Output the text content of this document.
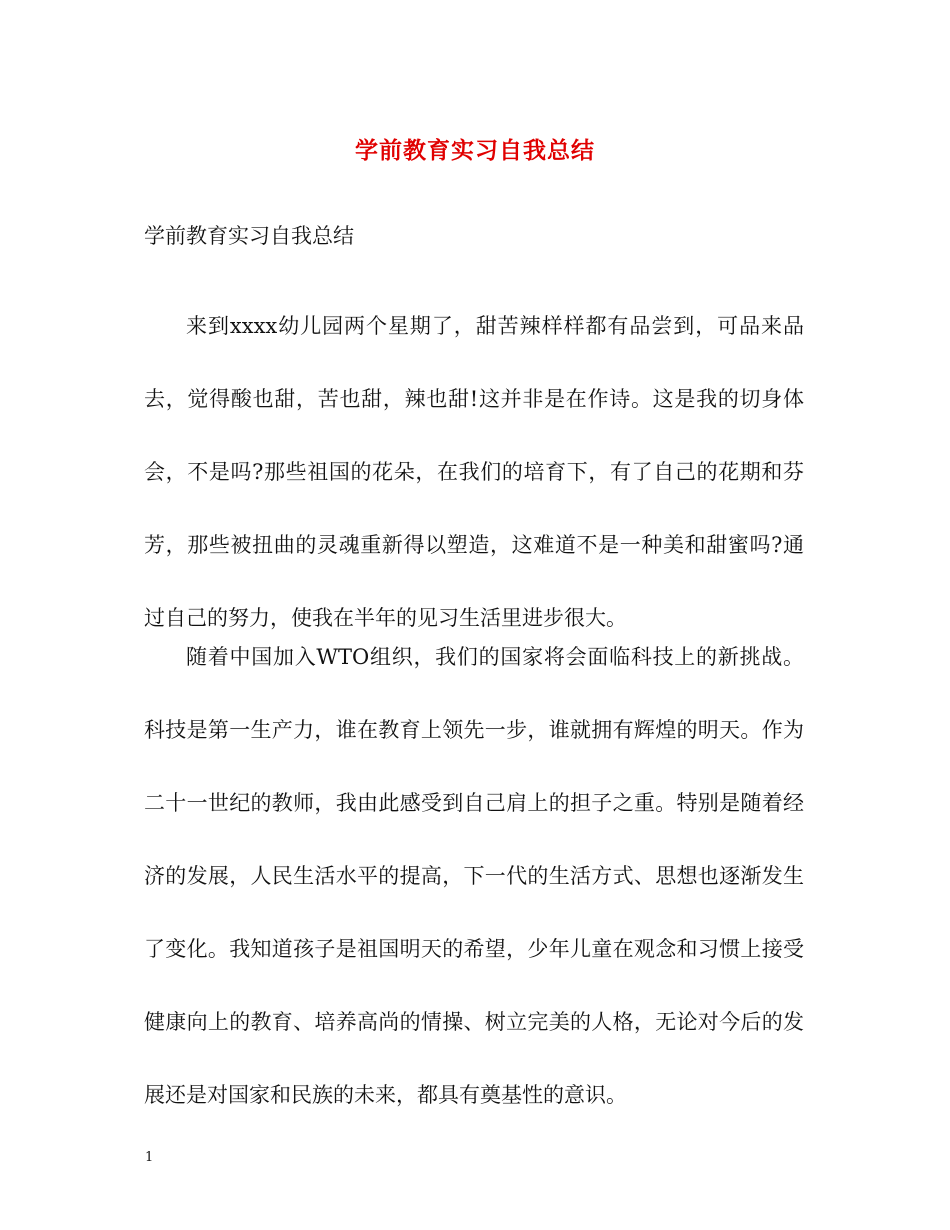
学前教育实习自我总结
学前教育实习自我总结

来到xxxx幼儿园两个星期了，甜苦辣样样都有品尝到，可品来品去，觉得酸也甜，苦也甜，辣也甜!这并非是在作诗。这是我的切身体会，不是吗?那些祖国的花朵，在我们的培育下，有了自己的花期和芬芳，那些被扭曲的灵魂重新得以塑造，这难道不是一种美和甜蜜吗?通过自己的努力，使我在半年的见习生活里进步很大。

随着中国加入WTO组织，我们的国家将会面临科技上的新挑战。科技是第一生产力，谁在教育上领先一步，谁就拥有辉煌的明天。作为二十一世纪的教师，我由此感受到自己肩上的担子之重。特别是随着经济的发展，人民生活水平的提高，下一代的生活方式、思想也逐渐发生了变化。我知道孩子是祖国明天的希望，少年儿童在观念和习惯上接受健康向上的教育、培养高尚的情操、树立完美的人格，无论对今后的发展还是对国家和民族的未来，都具有奠基性的意识。

1
